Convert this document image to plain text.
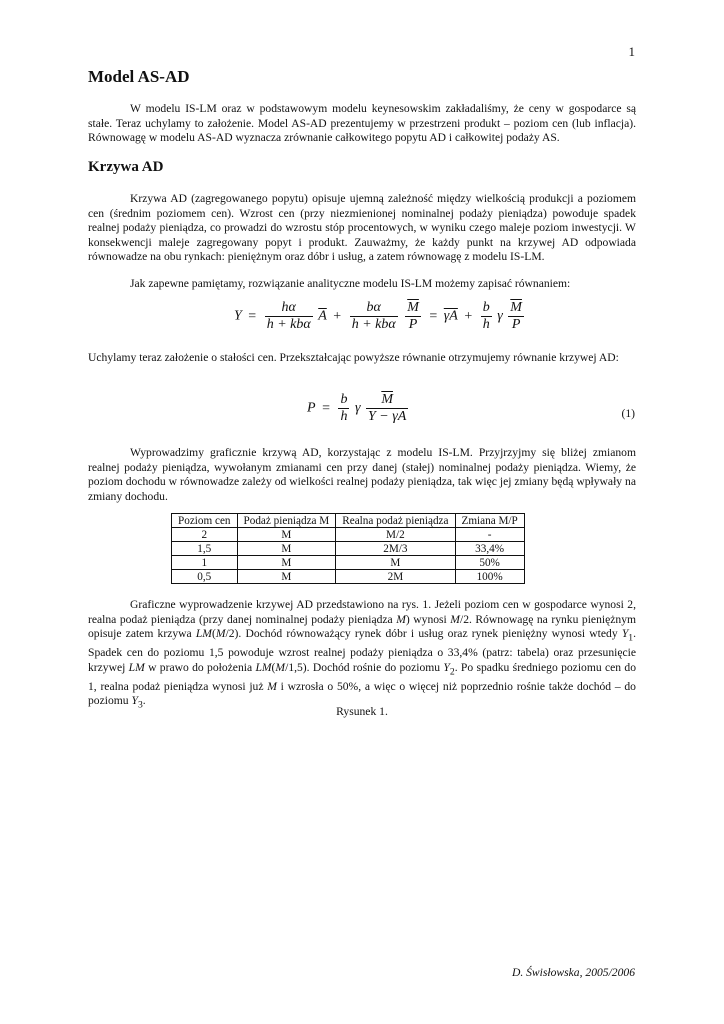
1
Model AS-AD

W modelu IS-LM oraz w podstawowym modelu keynesowskim zakładaliśmy, że ceny w gospodarce są stałe. Teraz uchylamy to założenie. Model AS-AD prezentujemy w przestrzeni produkt – poziom cen (lub inflacja). Równowagę w modelu AS-AD wyznacza zrównanie całkowitego popytu AD i całkowitej podaży AS.

Krzywa AD

Krzywa AD (zagregowanego popytu) opisuje ujemną zależność między wielkością produkcji a poziomem cen (średnim poziomem cen). Wzrost cen (przy niezmienionej nominalnej podaży pieniądza) powoduje spadek realnej podaży pieniądza, co prowadzi do wzrostu stóp procentowych, w wyniku czego maleje poziom inwestycji. W konsekwencji maleje zagregowany popyt i produkt. Zauważmy, że każdy punkt na krzywej AD odpowiada równowadze na obu rynkach: pieniężnym oraz dóbr i usług, a zatem równowagę z modelu IS-LM.

Jak zapewne pamiętamy, rozwiązanie analityczne modelu IS-LM możemy zapisać równaniem:

$Y = \frac{h\alpha}{\text{h + kbα}} \overline{A} + \frac{b\alpha}{\text{h + kbα}}$
$\frac{\overline{M}}{P} = \overline{\gamma A} + \frac{b}{h}$ γ $\frac{\overline{M}}{P}$

Uchylamy teraz założenie o stałości cen. Przekształcając powyższe równanie otrzymujemy równanie krzywej AD:

$P = \frac{b}{h}$ γ $\frac{\overline{M}}{Y - \gamma\overline{A}}$	(1)

Wyprowadzimy graficznie krzywą AD, korzystając z modelu IS-LM. Przyjrzyjmy się bliżej zmianom realnej podaży pieniądza, wywołanym zmianami cen przy danej (stałej) nominalnej podaży pieniądza. Wiemy, że poziom dochodu w równowadze zależy od wielkości realnej podaży pieniądza, tak więc jej zmiany będą wpływały na zmiany dochodu.

Poziom cen	Podaż pieniądza M	Realna podaż pieniądza	Zmiana M/P
2	M	M/2	-
1,5	M	2M/3	33,4%
1	M	M	50%
0,5	M	2M	100%

Graficzne wyprowadzenie krzywej AD przedstawiono na rys. 1. Jeżeli poziom cen w gospodarce wynosi 2, realna podaż pieniądza (przy danej nominalnej podaży pieniądza M) wynosi M/2. Równowagę na rynku pieniężnym opisuje zatem krzywa LM(M/2). Dochód równoważący rynek dóbr i usług oraz rynek pieniężny wynosi wtedy $Y_1$. Spadek cen do poziomu 1,5 powoduje wzrost realnej podaży pieniądza o 33,4% (patrz: tabela) oraz przesunięcie krzywej LM w prawo do położenia LM(M/1,5). Dochód rośnie do poziomu $Y_2$. Po spadku średniego poziomu cen do 1, realna podaż pieniądza wynosi już M i wzrosła o 50%, a więc o więcej niż poprzednio rośnie także dochód – do poziomu $Y_3$.

Rysunek 1.
D. Świsłowska, 2005/2006
